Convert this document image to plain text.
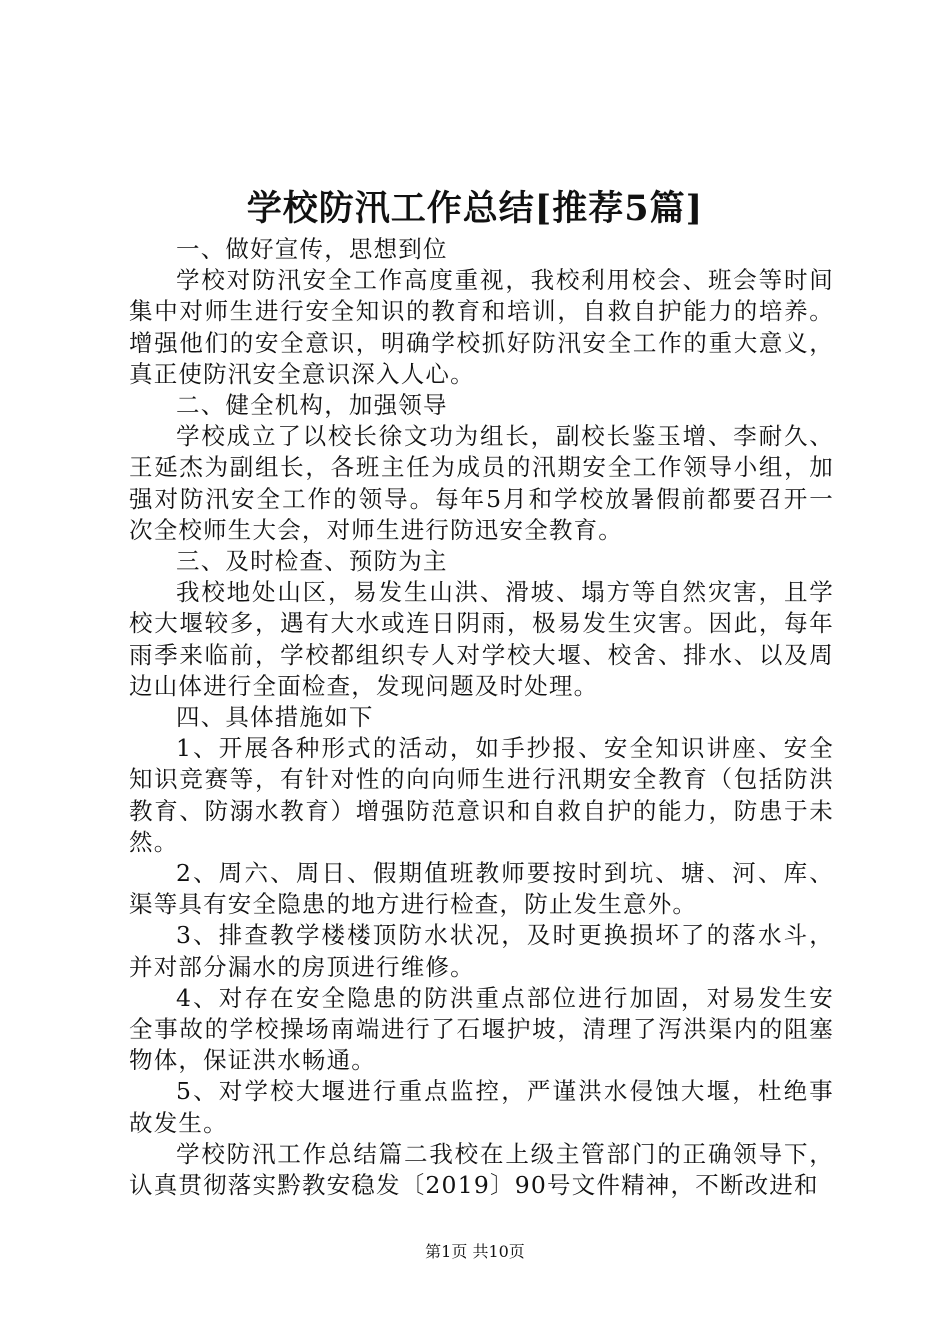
学校防汛工作总结[推荐5篇]

一、做好宣传，思想到位

学校对防汛安全工作高度重视，我校利用校会、班会等时间集中对师生进行安全知识的教育和培训，自救自护能力的培养。增强他们的安全意识，明确学校抓好防汛安全工作的重大意义，真正使防汛安全意识深入人心。

二、健全机构，加强领导

学校成立了以校长徐文功为组长，副校长鉴玉增、李耐久、王延杰为副组长，各班主任为成员的汛期安全工作领导小组，加强对防汛安全工作的领导。每年5月和学校放暑假前都要召开一次全校师生大会，对师生进行防迅安全教育。

三、及时检查、预防为主

我校地处山区，易发生山洪、滑坡、塌方等自然灾害，且学校大堰较多，遇有大水或连日阴雨，极易发生灾害。因此，每年雨季来临前，学校都组织专人对学校大堰、校舍、排水、以及周边山体进行全面检查，发现问题及时处理。

四、具体措施如下

1、开展各种形式的活动，如手抄报、安全知识讲座、安全知识竞赛等，有针对性的向向师生进行汛期安全教育（包括防洪教育、防溺水教育）增强防范意识和自救自护的能力，防患于未然。

2、周六、周日、假期值班教师要按时到坑、塘、河、库、渠等具有安全隐患的地方进行检查，防止发生意外。

3、排查教学楼楼顶防水状况，及时更换损坏了的落水斗，并对部分漏水的房顶进行维修。

4、对存在安全隐患的防洪重点部位进行加固，对易发生安全事故的学校操场南端进行了石堰护坡，清理了泻洪渠内的阻塞物体，保证洪水畅通。

5、对学校大堰进行重点监控，严谨洪水侵蚀大堰，杜绝事故发生。

学校防汛工作总结篇二我校在上级主管部门的正确领导下，认真贯彻落实黔教安稳发〔2019〕90号文件精神，不断改进和

第1页 共10页
